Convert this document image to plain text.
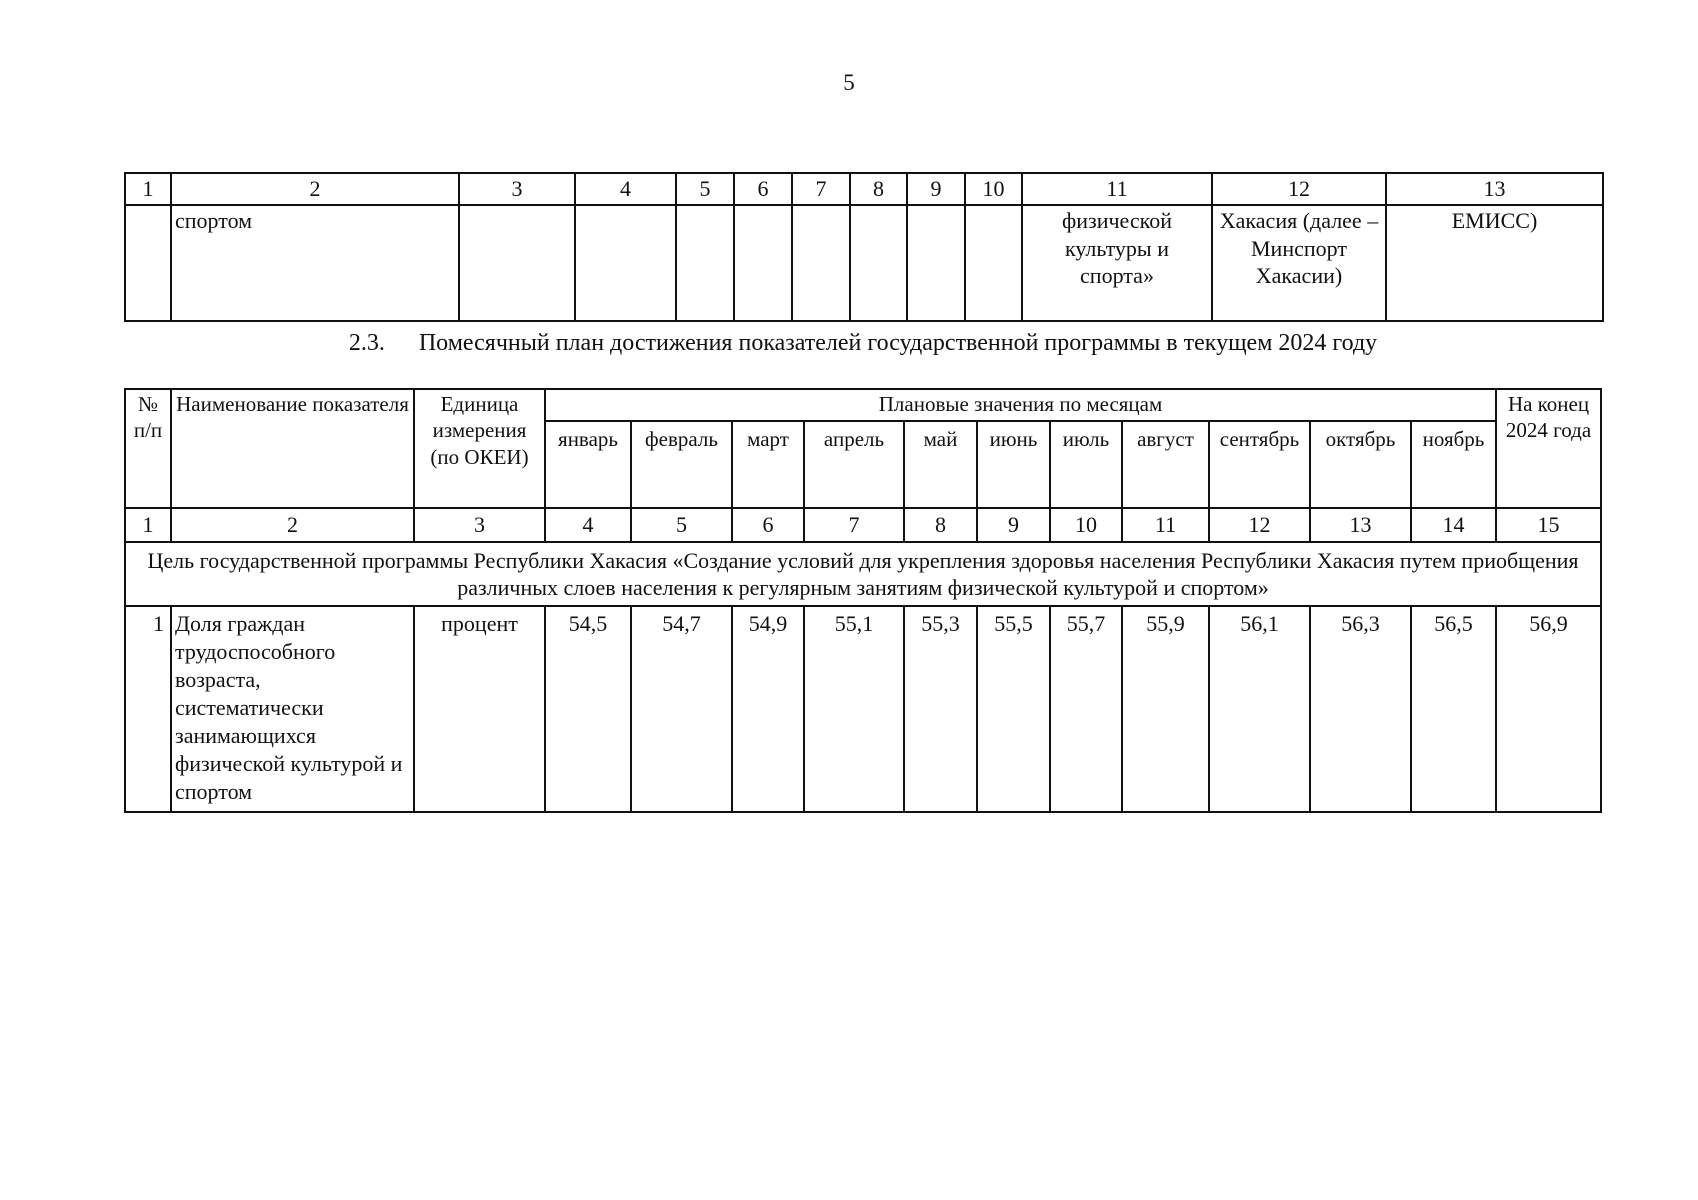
5
1	2	3	4	5	6	7	8	9	10	11	12	13
	спортом									физической культуры и спорта»	Хакасия (далее – Минспорт Хакасии)	ЕМИСС)
2.3. Помесячный план достижения показателей государственной программы в текущем 2024 году
№ п/п	Наименование показателя	Единица измерения (по ОКЕИ)	Плановые значения по месяцам											На конец 2024 года
			январь	февраль	март	апрель	май	июнь	июль	август	сентябрь	октябрь	ноябрь	
1	2	3	4	5	6	7	8	9	10	11	12	13	14	15
Цель государственной программы Республики Хакасия «Создание условий для укрепления здоровья населения Республики Хакасия путем приобщения различных слоев населения к регулярным занятиям физической культурой и спортом»														
1	Доля граждан трудоспособного возраста, систематически занимающихся физической культурой и спортом	процент	54,5	54,7	54,9	55,1	55,3	55,5	55,7	55,9	56,1	56,3	56,5	56,9
